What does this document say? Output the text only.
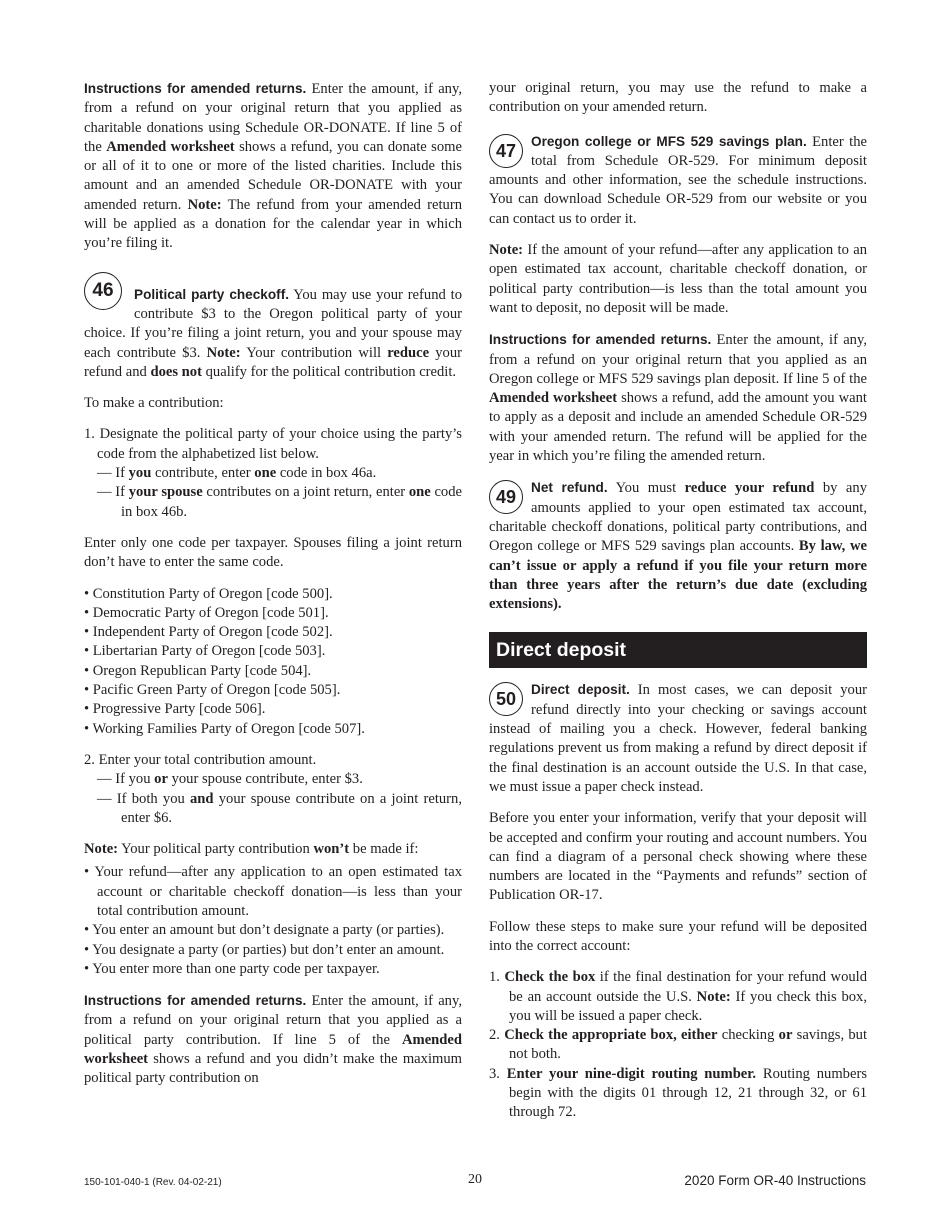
Instructions for amended returns. Enter the amount, if any, from a refund on your original return that you applied as charitable donations using Schedule OR-DONATE. If line 5 of the Amended worksheet shows a refund, you can donate some or all of it to one or more of the listed charities. Include this amount and an amended Schedule OR-DONATE with your amended return. Note: The refund from your amended return will be applied as a donation for the calendar year in which you’re filing it.

46	Political party checkoff. You may use your refund to contribute $3 to the Oregon political party of your choice. If you’re filing a joint return, you and your spouse may each contribute $3. Note: Your contribution will reduce your refund and does not qualify for the political contribution credit.

To make a contribution:

1. Designate the political party of your choice using the party’s code from the alphabetized list below.
— If you contribute, enter one code in box 46a.
— If your spouse contributes on a joint return, enter one code in box 46b.

Enter only one code per taxpayer. Spouses filing a joint return don’t have to enter the same code.

• Constitution Party of Oregon [code 500].
• Democratic Party of Oregon [code 501].
• Independent Party of Oregon [code 502].
• Libertarian Party of Oregon [code 503].
• Oregon Republican Party [code 504].
• Pacific Green Party of Oregon [code 505].
• Progressive Party [code 506].
• Working Families Party of Oregon [code 507].
2. Enter your total contribution amount.
— If you or your spouse contribute, enter $3.
— If both you and your spouse contribute on a joint return, enter $6.

Note: Your political party contribution won’t be made if:

• Your refund—after any application to an open estimated tax account or charitable checkoff donation—is less than your total contribution amount.
• You enter an amount but don’t designate a party (or parties).
• You designate a party (or parties) but don’t enter an amount.
• You enter more than one party code per taxpayer.

Instructions for amended returns. Enter the amount, if any, from a refund on your original return that you applied as a political party contribution. If line 5 of the Amended worksheet shows a refund and you didn’t make the maximum political party contribution on

your original return, you may use the refund to make a contribution on your amended return.

47	Oregon college or MFS 529 savings plan. Enter the total from Schedule OR-529. For minimum deposit amounts and other information, see the schedule instructions. You can download Schedule OR-529 from our website or you can contact us to order it.

Note: If the amount of your refund—after any application to an open estimated tax account, charitable checkoff donation, or political party contribution—is less than the total amount you want to deposit, no deposit will be made.

Instructions for amended returns. Enter the amount, if any, from a refund on your original return that you applied as an Oregon college or MFS 529 savings plan deposit. If line 5 of the Amended worksheet shows a refund, add the amount you want to apply as a deposit and include an amended Schedule OR-529 with your amended return. The refund will be applied for the year in which you’re filing the amended return.

49	Net refund. You must reduce your refund by any amounts applied to your open estimated tax account, charitable checkoff donations, political party contributions, and Oregon college or MFS 529 savings plan accounts. By law, we can’t issue or apply a refund if you file your return more than three years after the return’s due date (excluding extensions).

Direct deposit

50	Direct deposit. In most cases, we can deposit your refund directly into your checking or savings account instead of mailing you a check. However, federal banking regulations prevent us from making a refund by direct deposit if the final destination is an account outside the U.S. In that case, we must issue a paper check instead.

Before you enter your information, verify that your deposit will be accepted and confirm your routing and account numbers. You can find a diagram of a personal check showing where these numbers are located in the “Payments and refunds” section of Publication OR-17.

Follow these steps to make sure your refund will be deposited into the correct account:

1. Check the box if the final destination for your refund would be an account outside the U.S. Note: If you check this box, you will be issued a paper check.
2. Check the appropriate box, either checking or savings, but not both.
3. Enter your nine-digit routing number. Routing numbers begin with the digits 01 through 12, 21 through 32, or 61 through 72.
150-101-040-1 (Rev. 04-02-21)	20	2020 Form OR-40 Instructions
